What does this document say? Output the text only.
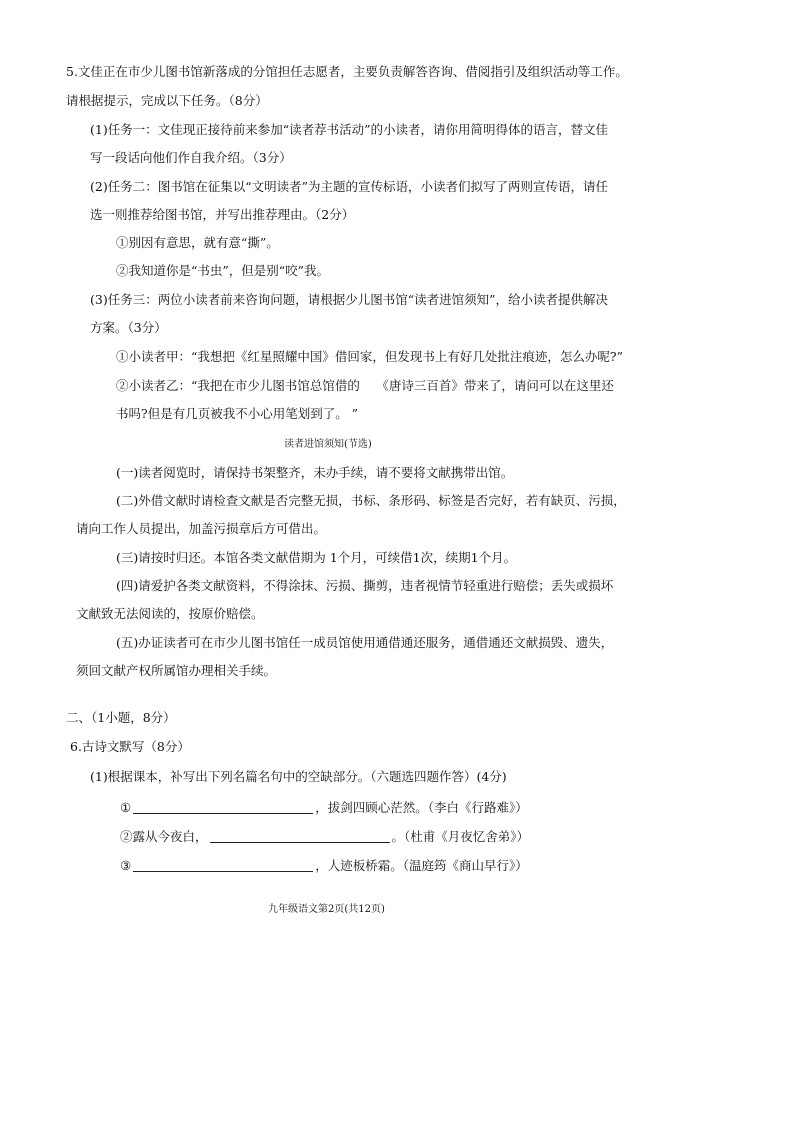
5.文佳正在市少儿图书馆新落成的分馆担任志愿者，主要负责解答咨询、借阅指引及组织活动等工作。
请根据提示，完成以下任务。（8分）
(1)任务一：文佳现正接待前来参加“读者荐书活动”的小读者，请你用简明得体的语言，替文佳
写一段话向他们作自我介绍。（3分）
(2)任务二：图书馆在征集以“文明读者”为主题的宣传标语，小读者们拟写了两则宣传语，请任
选一则推荐给图书馆，并写出推荐理由。（2分）
①别因有意思，就有意“撕”。
②我知道你是“书虫”，但是别“咬”我。
(3)任务三：两位小读者前来咨询问题，请根据少儿图书馆“读者进馆须知”，给小读者提供解决
方案。（3分）
①小读者甲：“我想把《红星照耀中国》借回家，但发现书上有好几处批注痕迹，怎么办呢?”
②小读者乙：“我把在市少儿图书馆总馆借的　 《唐诗三百首》带来了，请问可以在这里还
书吗?但是有几页被我不小心用笔划到了。 ”
读者进馆须知(节选)
(一)读者阅览时，请保持书架整齐，未办手续，请不要将文献携带出馆。
(二)外借文献时请检查文献是否完整无损，书标、条形码、标签是否完好，若有缺页、污损，
请向工作人员提出，加盖污损章后方可借出。
(三)请按时归还。本馆各类文献借期为 1个月，可续借1次，续期1个月。
(四)请爱护各类文献资料，不得涂抹、污损、撕剪，违者视情节轻重进行赔偿；丢失或损坏
文献致无法阅读的，按原价赔偿。
(五)办证读者可在市少儿图书馆任一成员馆使用通借通还服务，通借通还文献损毁、遗失，
须回文献产权所属馆办理相关手续。
二、（1小题，8分）
6.古诗文默写（8分）
(1)根据课本，补写出下列名篇名句中的空缺部分。（六题选四题作答）(4分)
①	，拔剑四顾心茫然。（李白《行路难》）
②露从今夜白，	。（杜甫《月夜忆舍弟》）
③	，人迹板桥霜。（温庭筠《商山早行》）
九年级语文第2页(共12页)
